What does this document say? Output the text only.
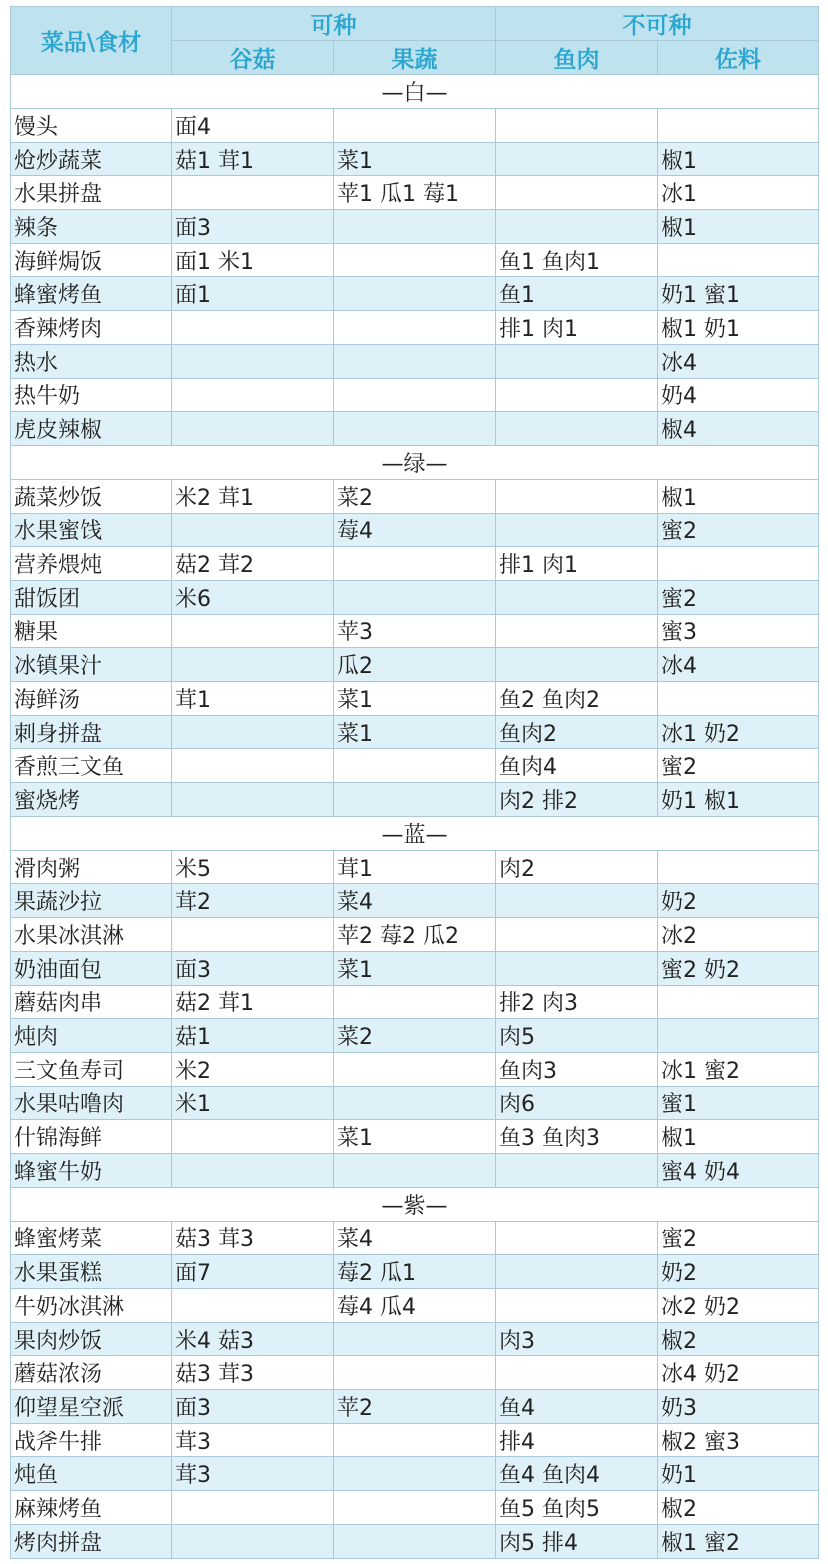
菜品\食材	可种		不可种	
	谷菇	果蔬	鱼肉	佐料
—白—				
馒头	面4			
炝炒蔬菜	菇1 茸1	菜1		椒1
水果拼盘		苹1 瓜1 莓1		冰1
辣条	面3			椒1
海鲜焗饭	面1 米1		鱼1 鱼肉1	
蜂蜜烤鱼	面1		鱼1	奶1 蜜1
香辣烤肉			排1 肉1	椒1 奶1
热水				冰4
热牛奶				奶4
虎皮辣椒				椒4
—绿—				
蔬菜炒饭	米2 茸1	菜2		椒1
水果蜜饯		莓4		蜜2
营养煨炖	菇2 茸2		排1 肉1	
甜饭团	米6			蜜2
糖果		苹3		蜜3
冰镇果汁		瓜2		冰4
海鲜汤	茸1	菜1	鱼2 鱼肉2	
刺身拼盘		菜1	鱼肉2	冰1 奶2
香煎三文鱼			鱼肉4	蜜2
蜜烧烤			肉2 排2	奶1 椒1
—蓝—				
滑肉粥	米5	茸1	肉2	
果蔬沙拉	茸2	菜4		奶2
水果冰淇淋		苹2 莓2 瓜2		冰2
奶油面包	面3	菜1		蜜2 奶2
蘑菇肉串	菇2 茸1		排2 肉3	
炖肉	菇1	菜2	肉5	
三文鱼寿司	米2		鱼肉3	冰1 蜜2
水果咕噜肉	米1		肉6	蜜1
什锦海鲜		菜1	鱼3 鱼肉3	椒1
蜂蜜牛奶				蜜4 奶4
—紫—				
蜂蜜烤菜	菇3 茸3	菜4		蜜2
水果蛋糕	面7	莓2 瓜1		奶2
牛奶冰淇淋		莓4 瓜4		冰2 奶2
果肉炒饭	米4 菇3		肉3	椒2
蘑菇浓汤	菇3 茸3			冰4 奶2
仰望星空派	面3	苹2	鱼4	奶3
战斧牛排	茸3		排4	椒2 蜜3
炖鱼	茸3		鱼4 鱼肉4	奶1
麻辣烤鱼			鱼5 鱼肉5	椒2
烤肉拼盘			肉5 排4	椒1 蜜2
